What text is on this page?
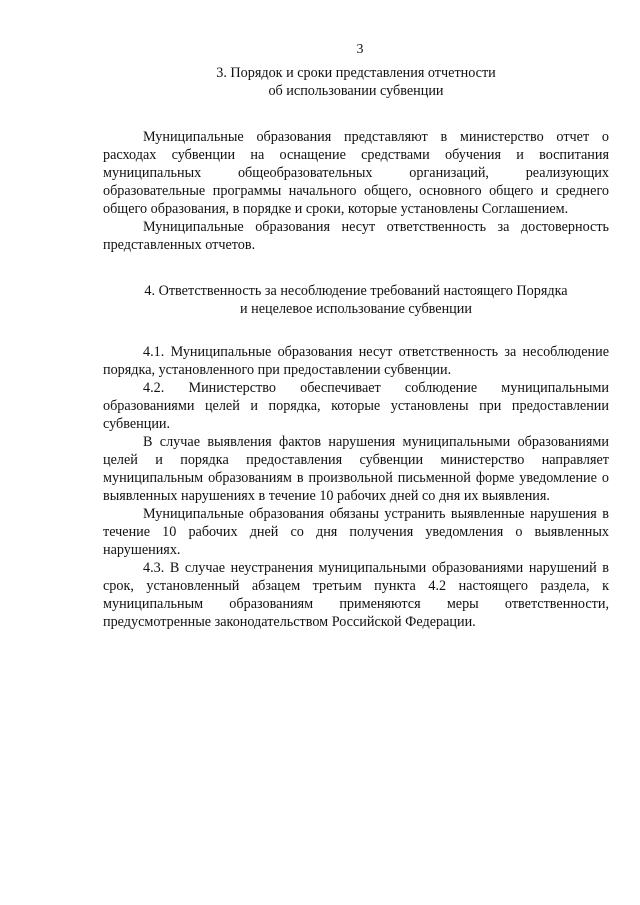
3
3. Порядок и сроки представления отчетности
об использовании субвенции

Муниципальные образования представляют в министерство отчет о расходах субвенции на оснащение средствами обучения и воспитания муниципальных общеобразовательных организаций, реализующих образовательные программы начального общего, основного общего и среднего общего образования, в порядке и сроки, которые установлены Соглашением.

Муниципальные образования несут ответственность за достоверность представленных отчетов.

4. Ответственность за несоблюдение требований настоящего Порядка
и нецелевое использование субвенции

4.1. Муниципальные образования несут ответственность за несоблюдение порядка, установленного при предоставлении субвенции.

4.2. Министерство обеспечивает соблюдение муниципальными образованиями целей и порядка, которые установлены при предоставлении субвенции.

В случае выявления фактов нарушения муниципальными образованиями целей и порядка предоставления субвенции министерство направляет муниципальным образованиям в произвольной письменной форме уведомление о выявленных нарушениях в течение 10 рабочих дней со дня их выявления.

Муниципальные образования обязаны устранить выявленные нарушения в течение 10 рабочих дней со дня получения уведомления о выявленных нарушениях.

4.3. В случае неустранения муниципальными образованиями нарушений в срок, установленный абзацем третьим пункта 4.2 настоящего раздела, к муниципальным образованиям применяются меры ответственности, предусмотренные законодательством Российской Федерации.
